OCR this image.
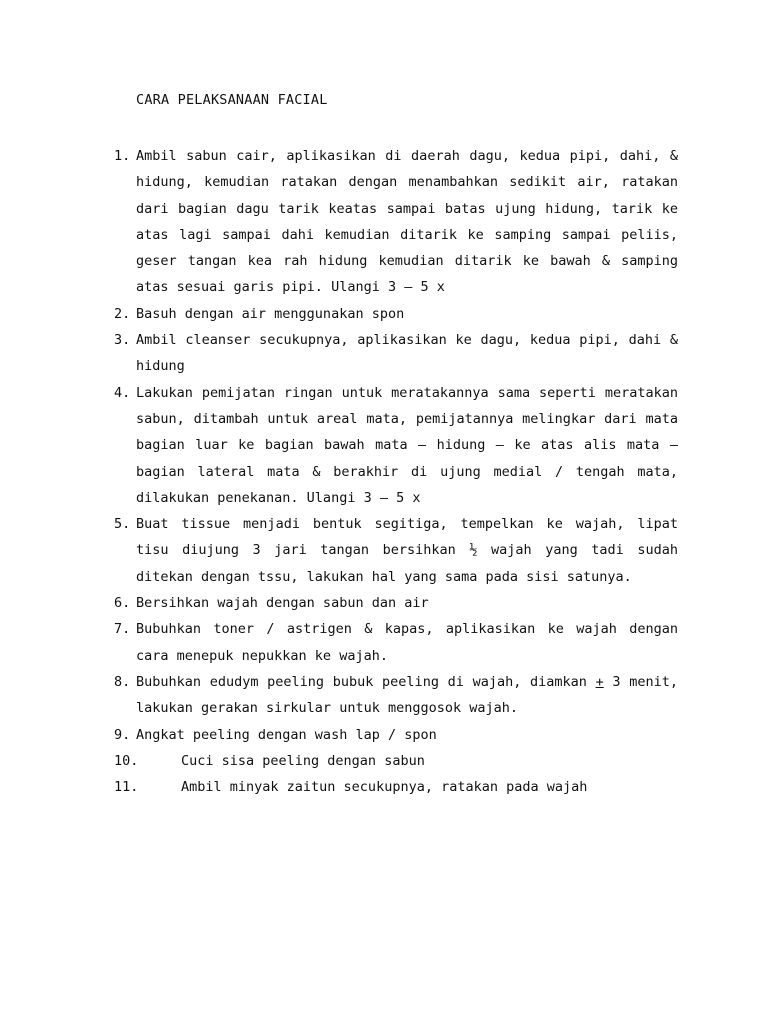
CARA PELAKSANAAN FACIAL
1. Ambil sabun cair, aplikasikan di daerah dagu, kedua pipi, dahi, & hidung, kemudian ratakan dengan menambahkan sedikit air, ratakan dari bagian dagu tarik keatas sampai batas ujung hidung, tarik ke atas lagi sampai dahi kemudian ditarik ke samping sampai peliis, geser tangan kea rah hidung kemudian ditarik ke bawah & samping atas sesuai garis pipi. Ulangi 3 – 5 x
2. Basuh dengan air menggunakan spon
3. Ambil cleanser secukupnya, aplikasikan ke dagu, kedua pipi, dahi & hidung
4. Lakukan pemijatan ringan untuk meratakannya sama seperti meratakan sabun, ditambah untuk areal mata, pemijatannya melingkar dari mata bagian luar ke bagian bawah mata – hidung – ke atas alis mata – bagian lateral mata & berakhir di ujung medial / tengah mata, dilakukan penekanan. Ulangi 3 – 5 x
5. Buat tissue menjadi bentuk segitiga, tempelkan ke wajah, lipat tisu diujung 3 jari tangan bersihkan ½ wajah yang tadi sudah ditekan dengan tssu, lakukan hal yang sama pada sisi satunya.
6. Bersihkan wajah dengan sabun dan air
7. Bubuhkan toner / astrigen & kapas, aplikasikan ke wajah dengan cara menepuk nepukkan ke wajah.
8. Bubuhkan edudym peeling bubuk peeling di wajah, diamkan + 3 menit, lakukan gerakan sirkular untuk menggosok wajah.
9. Angkat peeling dengan wash lap / spon
10.	Cuci sisa peeling dengan sabun
11.	Ambil minyak zaitun secukupnya, ratakan pada wajah
